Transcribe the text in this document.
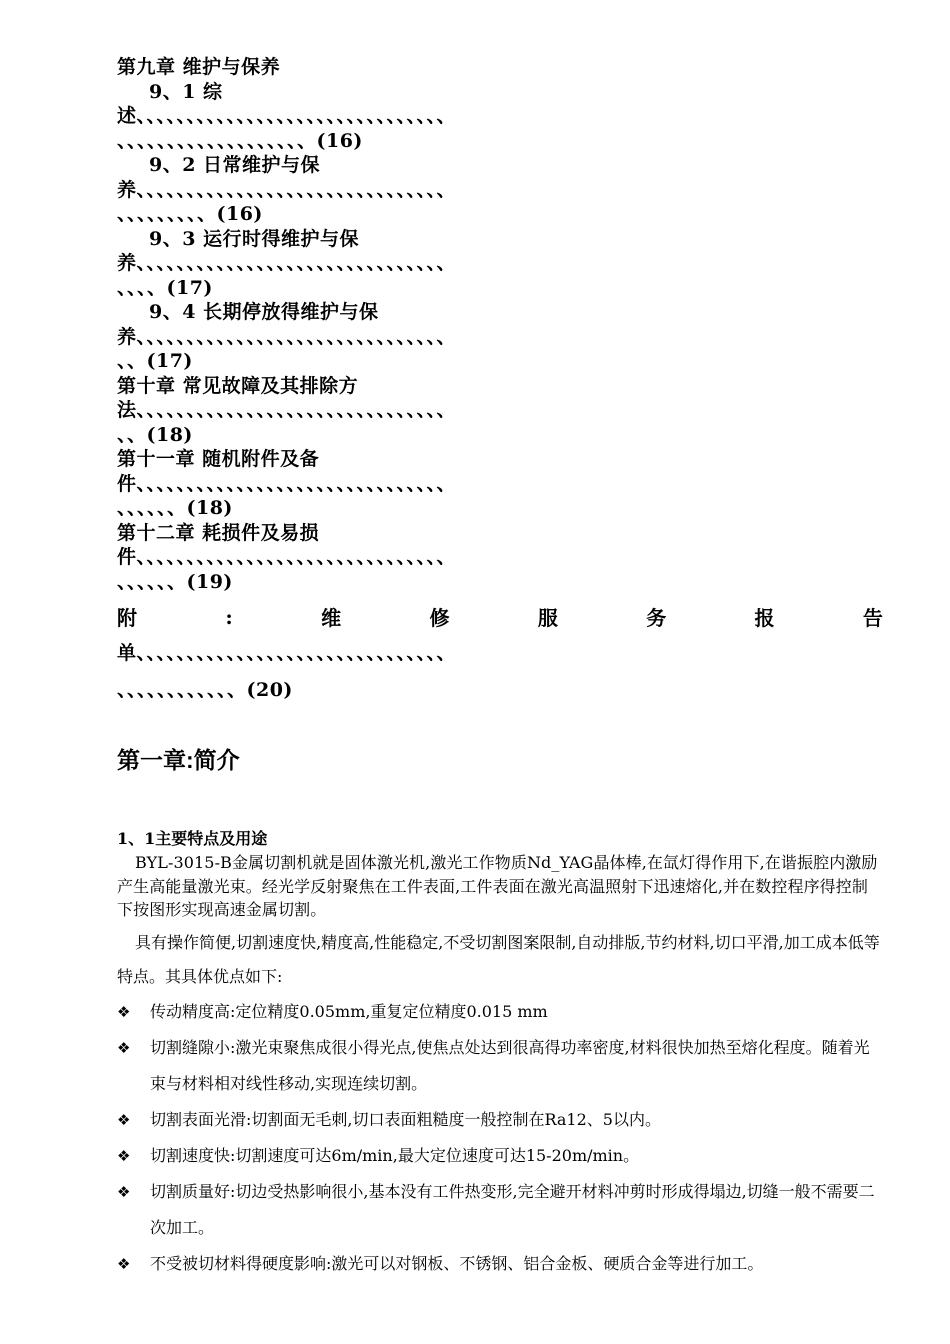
第九章 维护与保养
9、1 综
述、、、、、、、、、、、、、、、、、、、、、、、、、、、、、、、
、、、、、、、、、、、、、、、、、、、(16)
9、2 日常维护与保
养、、、、、、、、、、、、、、、、、、、、、、、、、、、、、、、
、、、、、、、、、(16)
9、3 运行时得维护与保
养、、、、、、、、、、、、、、、、、、、、、、、、、、、、、、、
、、、、(17)
9、4 长期停放得维护与保
养、、、、、、、、、、、、、、、、、、、、、、、、、、、、、、、
、、(17)
第十章 常见故障及其排除方
法、、、、、、、、、、、、、、、、、、、、、、、、、、、、、、、
、、(18)
第十一章 随机附件及备
件、、、、、、、、、、、、、、、、、、、、、、、、、、、、、、、
、、、、、、(18)
第十二章 耗损件及易损
件、、、、、、、、、、、、、、、、、、、、、、、、、、、、、、、
、、、、、、(19)
附	:	维	修	服	务	报	告
单、、、、、、、、、、、、、、、、、、、、、、、、、、、、、、、
、、、、、、、、、、、、(20)
第一章:简介
1、1主要特点及用途
BYL-3015-B金属切割机就是固体激光机,激光工作物质Nd_YAG晶体棒,在氙灯得作用下,在谐振腔内激励产生高能量激光束。经光学反射聚焦在工件表面,工件表面在激光高温照射下迅速熔化,并在数控程序得控制下按图形实现高速金属切割。
具有操作简便,切割速度快,精度高,性能稳定,不受切割图案限制,自动排版,节约材料,切口平滑,加工成本低等特点。其具体优点如下:
❖ 传动精度高:定位精度0.05mm,重复定位精度0.015 mm
❖ 切割缝隙小:激光束聚焦成很小得光点,使焦点处达到很高得功率密度,材料很快加热至熔化程度。随着光束与材料相对线性移动,实现连续切割。
❖ 切割表面光滑:切割面无毛刺,切口表面粗糙度一般控制在Ra12、5以内。
❖ 切割速度快:切割速度可达6m/min,最大定位速度可达15-20m/min。
❖ 切割质量好:切边受热影响很小,基本没有工件热变形,完全避开材料冲剪时形成得塌边,切缝一般不需要二次加工。
❖ 不受被切材料得硬度影响:激光可以对钢板、不锈钢、铝合金板、硬质合金等进行加工。
